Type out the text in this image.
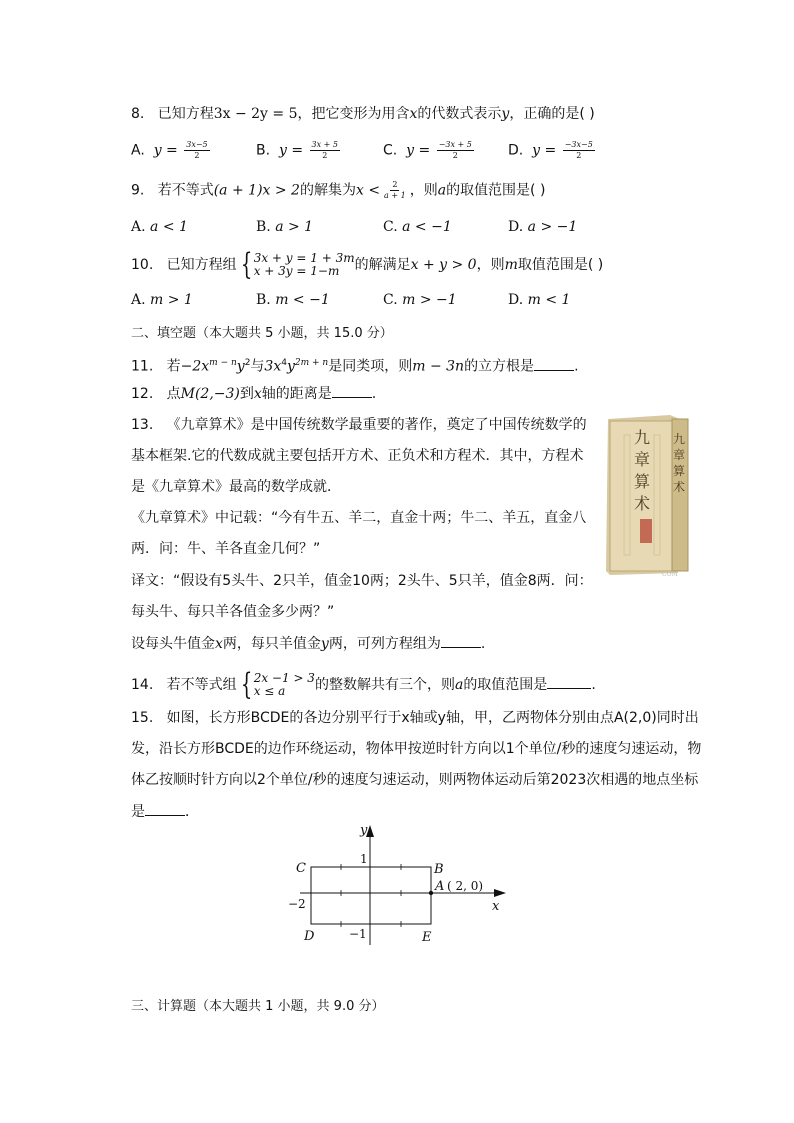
8. 已知方程3x − 2y = 5，把它变形为用含x的代数式表示y，正确的是( )
A. $y = \frac{3x-5}{2}$	B. $y = \frac{3x + 5}{2}$	C. $y = \frac{-3x + 5}{2} D$. $y = \frac{-3x-5}{2}$
9. 若不等式(a + 1)x > 2的解集为$x < \frac{2}{a + 1}$ ，则a的取值范围是( )
A. a < 1	B. a > 1	C. a < −1	D. a > −1
10. 已知方程组 { 3x + y = 1 + 3m
x + 3y = 1−m	的解满足x + y > 0，则m取值范围是( )
A. m > 1	B. m < −1	C. m > −1	D. m < 1
二、填空题（本大题共 5 小题，共 15.0 分）
11. 若$-2x^{m - n}y^2$与$3x^4y^{2m + n}$是同类项，则m − 3n的立方根是	.
12. 点M(2,−3)到x轴的距离是	.
13. 《九章算术》是中国传统数学最重要的著作，奠定了中国传统数学的
基本框架.它的代数成就主要包括开方术、正负术和方程术．其中，方程术
是《九章算术》最高的数学成就．
《九章算术》中记载：“今有牛五、羊二，直金十两；牛二、羊五，直金八
两．问：牛、羊各直金几何？”
译文：“假设有5头牛、2只羊，值金10两；2头牛、5只羊，值金8两．问：
每头牛、每只羊各值金多少两？”
设每头牛值金x两，每只羊值金y两，可列方程组为	.
九
章
算
术
九
章
算
术
COM
14. 若不等式组 { 2x −1 > 3
x ≤ a	的整数解共有三个，则a的取值范围是	.
15. 如图，长方形BCDE的各边分别平行于x轴或y轴，甲，乙两物体分别由点A(2,0)同时出
发，沿长方形BCDE的边作环绕运动，物体甲按逆时针方向以1个单位/秒的速度匀速运动，物
体乙按顺时针方向以2个单位/秒的速度匀速运动，则两物体运动后第2023次相遇的地点坐标
是	．
y
x
1
−1
−2
C	B
D	E
A ( 2, 0)
三、计算题（本大题共 1 小题，共 9.0 分）
